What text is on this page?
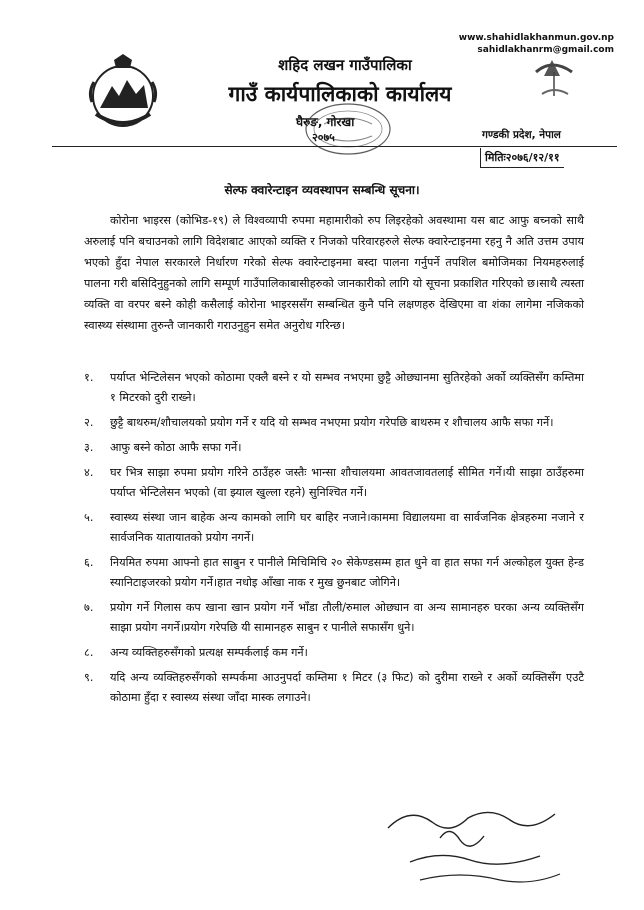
शहिद लखन गाउँपालिका
गाउँ कार्यपालिकाको कार्यालय
घैरुङ, गोरखा
२०७५
www.shahidlakhanmun.gov.np
sahidlakhanrm@gmail.com
गण्डकी प्रदेश, नेपाल
मितिः२०७६/१२/११
सेल्फ क्वारेन्टाइन व्यवस्थापन सम्बन्धि सूचना।
कोरोना भाइरस (कोभिड-१९) ले विश्वव्यापी रुपमा महामारीको रुप लिइरहेको अवस्थामा यस बाट आफु बच्नको साथै अरुलाई पनि बचाउनको लागि विदेशबाट आएको व्यक्ति र निजको परिवारहरुले सेल्फ क्वारेन्टाइनमा रहनु नै अति उत्तम उपाय भएको हुँदा नेपाल सरकारले निर्धारण गरेको सेल्फ क्वारेन्टाइनमा बस्दा पालना गर्नुपर्ने तपशिल बमोजिमका नियमहरुलाई पालना गरी बसिदिनुहुनको लागि सम्पूर्ण गाउँपालिकाबासीहरुको जानकारीको लागि यो सूचना प्रकाशित गरिएको छ।साथै त्यस्ता व्यक्ति वा वरपर बस्ने कोही कसैलाई कोरोना भाइरससँग सम्बन्धित कुनै पनि लक्षणहरु देखिएमा वा शंका लागेमा नजिकको स्वास्थ्य संस्थामा तुरुन्तै जानकारी गराउनुहुन समेत अनुरोध गरिन्छ।
१. पर्याप्त भेन्टिलेसन भएको कोठामा एक्लै बस्ने र यो सम्भव नभएमा छुट्टै ओछ्यानमा सुतिरहेको अर्को व्यक्तिसँग कम्तिमा १ मिटरको दुरी राख्ने।
२. छुट्टै बाथरुम/शौचालयको प्रयोग गर्ने र यदि यो सम्भव नभएमा प्रयोग गरेपछि बाथरुम र शौचालय आफै सफा गर्ने।
३. आफु बस्ने कोठा आफै सफा गर्ने।
४. घर भित्र साझा रुपमा प्रयोग गरिने ठाउँहरु जस्तैः भान्सा शौचालयमा आवतजावतलाई सीमित गर्ने।यी साझा ठाउँहरुमा पर्याप्त भेन्टिलेसन भएको (वा झ्याल खुल्ला रहने) सुनिश्चित गर्ने।
५. स्वास्थ्य संस्था जान बाहेक अन्य कामको लागि घर बाहिर नजाने।काममा विद्यालयमा वा सार्वजनिक क्षेत्रहरुमा नजाने र सार्वजनिक यातायातको प्रयोग नगर्ने।
६. नियमित रुपमा आफ्नो हात साबुन र पानीले मिचिमिचि २० सेकेण्डसम्म हात धुने वा हात सफा गर्न अल्कोहल युक्त हेन्ड स्यानिटाइजरको प्रयोग गर्ने।हात नधोइ आँखा नाक र मुख छुनबाट जोगिने।
७. प्रयोग गर्ने गिलास कप खाना खान प्रयोग गर्ने भाँडा तौली/रुमाल ओछ्यान वा अन्य सामानहरु घरका अन्य व्यक्तिसँग साझा प्रयोग नगर्ने।प्रयोग गरेपछि यी सामानहरु साबुन र पानीले सफासँग धुने।
८. अन्य व्यक्तिहरुसँगको प्रत्यक्ष सम्पर्कलाई कम गर्ने।
९. यदि अन्य व्यक्तिहरुसँगको सम्पर्कमा आउनुपर्दा कम्तिमा १ मिटर (३ फिट) को दुरीमा राख्ने र अर्को व्यक्तिसँग एउटै कोठामा हुँदा र स्वास्थ्य संस्था जाँदा मास्क लगाउने।
